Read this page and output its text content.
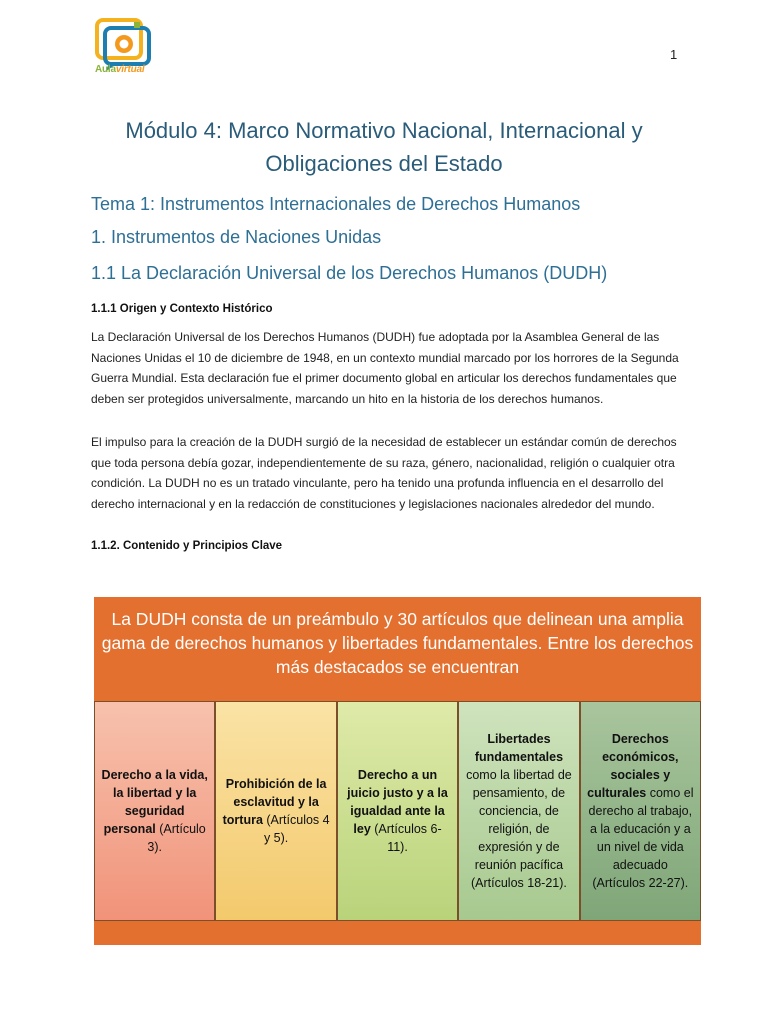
Aulavirtual
1
Módulo 4: Marco Normativo Nacional, Internacional y Obligaciones del Estado
Tema 1: Instrumentos Internacionales de Derechos Humanos
1. Instrumentos de Naciones Unidas
1.1 La Declaración Universal de los Derechos Humanos (DUDH)
1.1.1 Origen y Contexto Histórico

La Declaración Universal de los Derechos Humanos (DUDH) fue adoptada por la Asamblea General de las Naciones Unidas el 10 de diciembre de 1948, en un contexto mundial marcado por los horrores de la Segunda Guerra Mundial. Esta declaración fue el primer documento global en articular los derechos fundamentales que deben ser protegidos universalmente, marcando un hito en la historia de los derechos humanos.

El impulso para la creación de la DUDH surgió de la necesidad de establecer un estándar común de derechos que toda persona debía gozar, independientemente de su raza, género, nacionalidad, religión o cualquier otra condición. La DUDH no es un tratado vinculante, pero ha tenido una profunda influencia en el desarrollo del derecho internacional y en la redacción de constituciones y legislaciones nacionales alrededor del mundo.

1.1.2. Contenido y Principios Clave
La DUDH consta de un preámbulo y 30 artículos que delinean una amplia gama de derechos humanos y libertades fundamentales. Entre los derechos más destacados se encuentran
Derecho a la vida, la libertad y la seguridad personal (Artículo 3).
Prohibición de la esclavitud y la tortura (Artículos 4 y 5).
Derecho a un juicio justo y a la igualdad ante la ley (Artículos 6-11).
Libertades fundamentales como la libertad de pensamiento, de conciencia, de religión, de expresión y de reunión pacífica (Artículos 18-21).
Derechos económicos, sociales y culturales como el derecho al trabajo, a la educación y a un nivel de vida adecuado (Artículos 22-27).
